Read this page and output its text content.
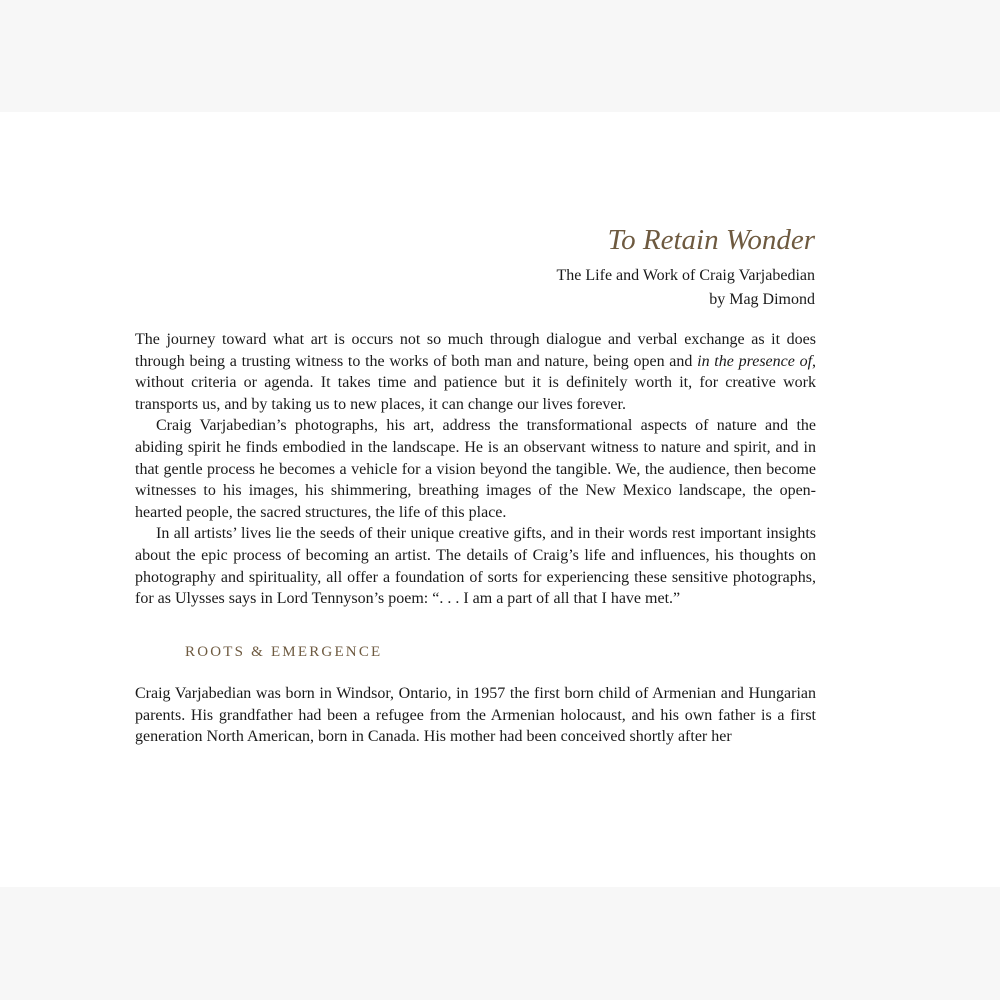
To Retain Wonder
The Life and Work of Craig Varjabedian
by Mag Dimond

The journey toward what art is occurs not so much through dialogue and verbal exchange as it does through being a trusting witness to the works of both man and nature, being open and in the presence of, without criteria or agenda. It takes time and patience but it is definitely worth it, for creative work transports us, and by taking us to new places, it can change our lives forever.

Craig Varjabedian’s photographs, his art, address the transformational aspects of nature and the abiding spirit he finds embodied in the landscape. He is an observant witness to nature and spirit, and in that gentle process he becomes a vehicle for a vision beyond the tangible. We, the audience, then become witnesses to his images, his shimmering, breathing images of the New Mexico landscape, the open-hearted people, the sacred structures, the life of this place.

In all artists’ lives lie the seeds of their unique creative gifts, and in their words rest important insights about the epic process of becoming an artist. The details of Craig’s life and influences, his thoughts on photography and spirituality, all offer a foundation of sorts for experiencing these sensitive photographs, for as Ulysses says in Lord Tennyson’s poem: “. . . I am a part of all that I have met.”

ROOTS & EMERGENCE

Craig Varjabedian was born in Windsor, Ontario, in 1957 the first born child of Armenian and Hungarian parents. His grandfather had been a refugee from the Armenian holocaust, and his own father is a first generation North American, born in Canada. His mother had been conceived shortly after her
